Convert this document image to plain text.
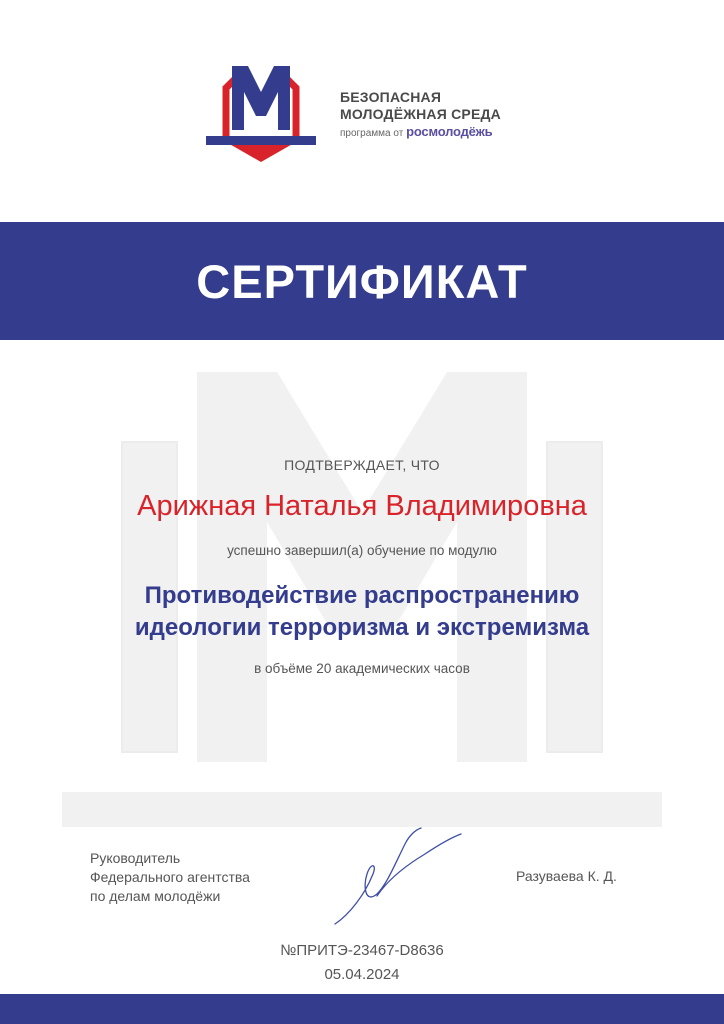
БЕЗОПАСНАЯ
МОЛОДЁЖНАЯ СРЕДА
программа от росмолодёжь
СЕРТИФИКАТ
ПОДТВЕРЖДАЕТ, ЧТО
Арижная Наталья Владимировна
успешно завершил(а) обучение по модулю
Противодействие распространению
идеологии терроризма и экстремизма
в объёме 20 академических часов
Руководитель
Федерального агентства
по делам молодёжи
Разуваева К. Д.
№ПРИТЭ-23467-D8636
05.04.2024
